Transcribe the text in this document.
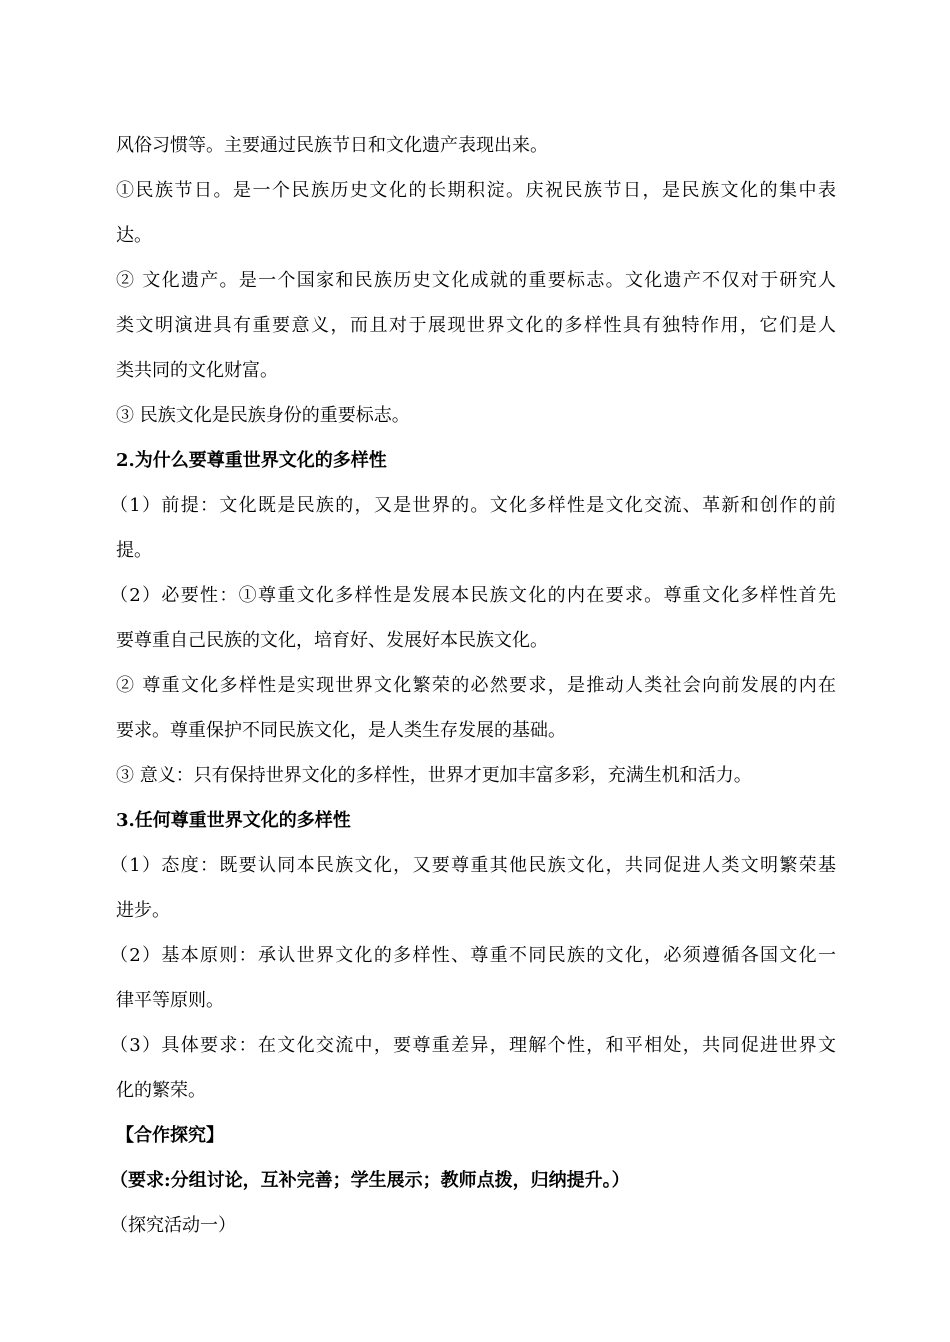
风俗习惯等。主要通过民族节日和文化遗产表现出来。
①民族节日。是一个民族历史文化的长期积淀。庆祝民族节日，是民族文化的集中表
达。
② 文化遗产。是一个国家和民族历史文化成就的重要标志。文化遗产不仅对于研究人
类文明演进具有重要意义，而且对于展现世界文化的多样性具有独特作用，它们是人
类共同的文化财富。
③ 民族文化是民族身份的重要标志。
2.为什么要尊重世界文化的多样性
（1）前提：文化既是民族的，又是世界的。文化多样性是文化交流、革新和创作的前
提。
（2）必要性：①尊重文化多样性是发展本民族文化的内在要求。尊重文化多样性首先
要尊重自己民族的文化，培育好、发展好本民族文化。
② 尊重文化多样性是实现世界文化繁荣的必然要求，是推动人类社会向前发展的内在
要求。尊重保护不同民族文化，是人类生存发展的基础。
③ 意义：只有保持世界文化的多样性，世界才更加丰富多彩，充满生机和活力。
3.任何尊重世界文化的多样性
（1）态度：既要认同本民族文化，又要尊重其他民族文化，共同促进人类文明繁荣基
进步。
（2）基本原则：承认世界文化的多样性、尊重不同民族的文化，必须遵循各国文化一
律平等原则。
（3）具体要求：在文化交流中，要尊重差异，理解个性，和平相处，共同促进世界文
化的繁荣。
【合作探究】
（要求:分组讨论，互补完善；学生展示；教师点拨，归纳提升。）
（探究活动一）
